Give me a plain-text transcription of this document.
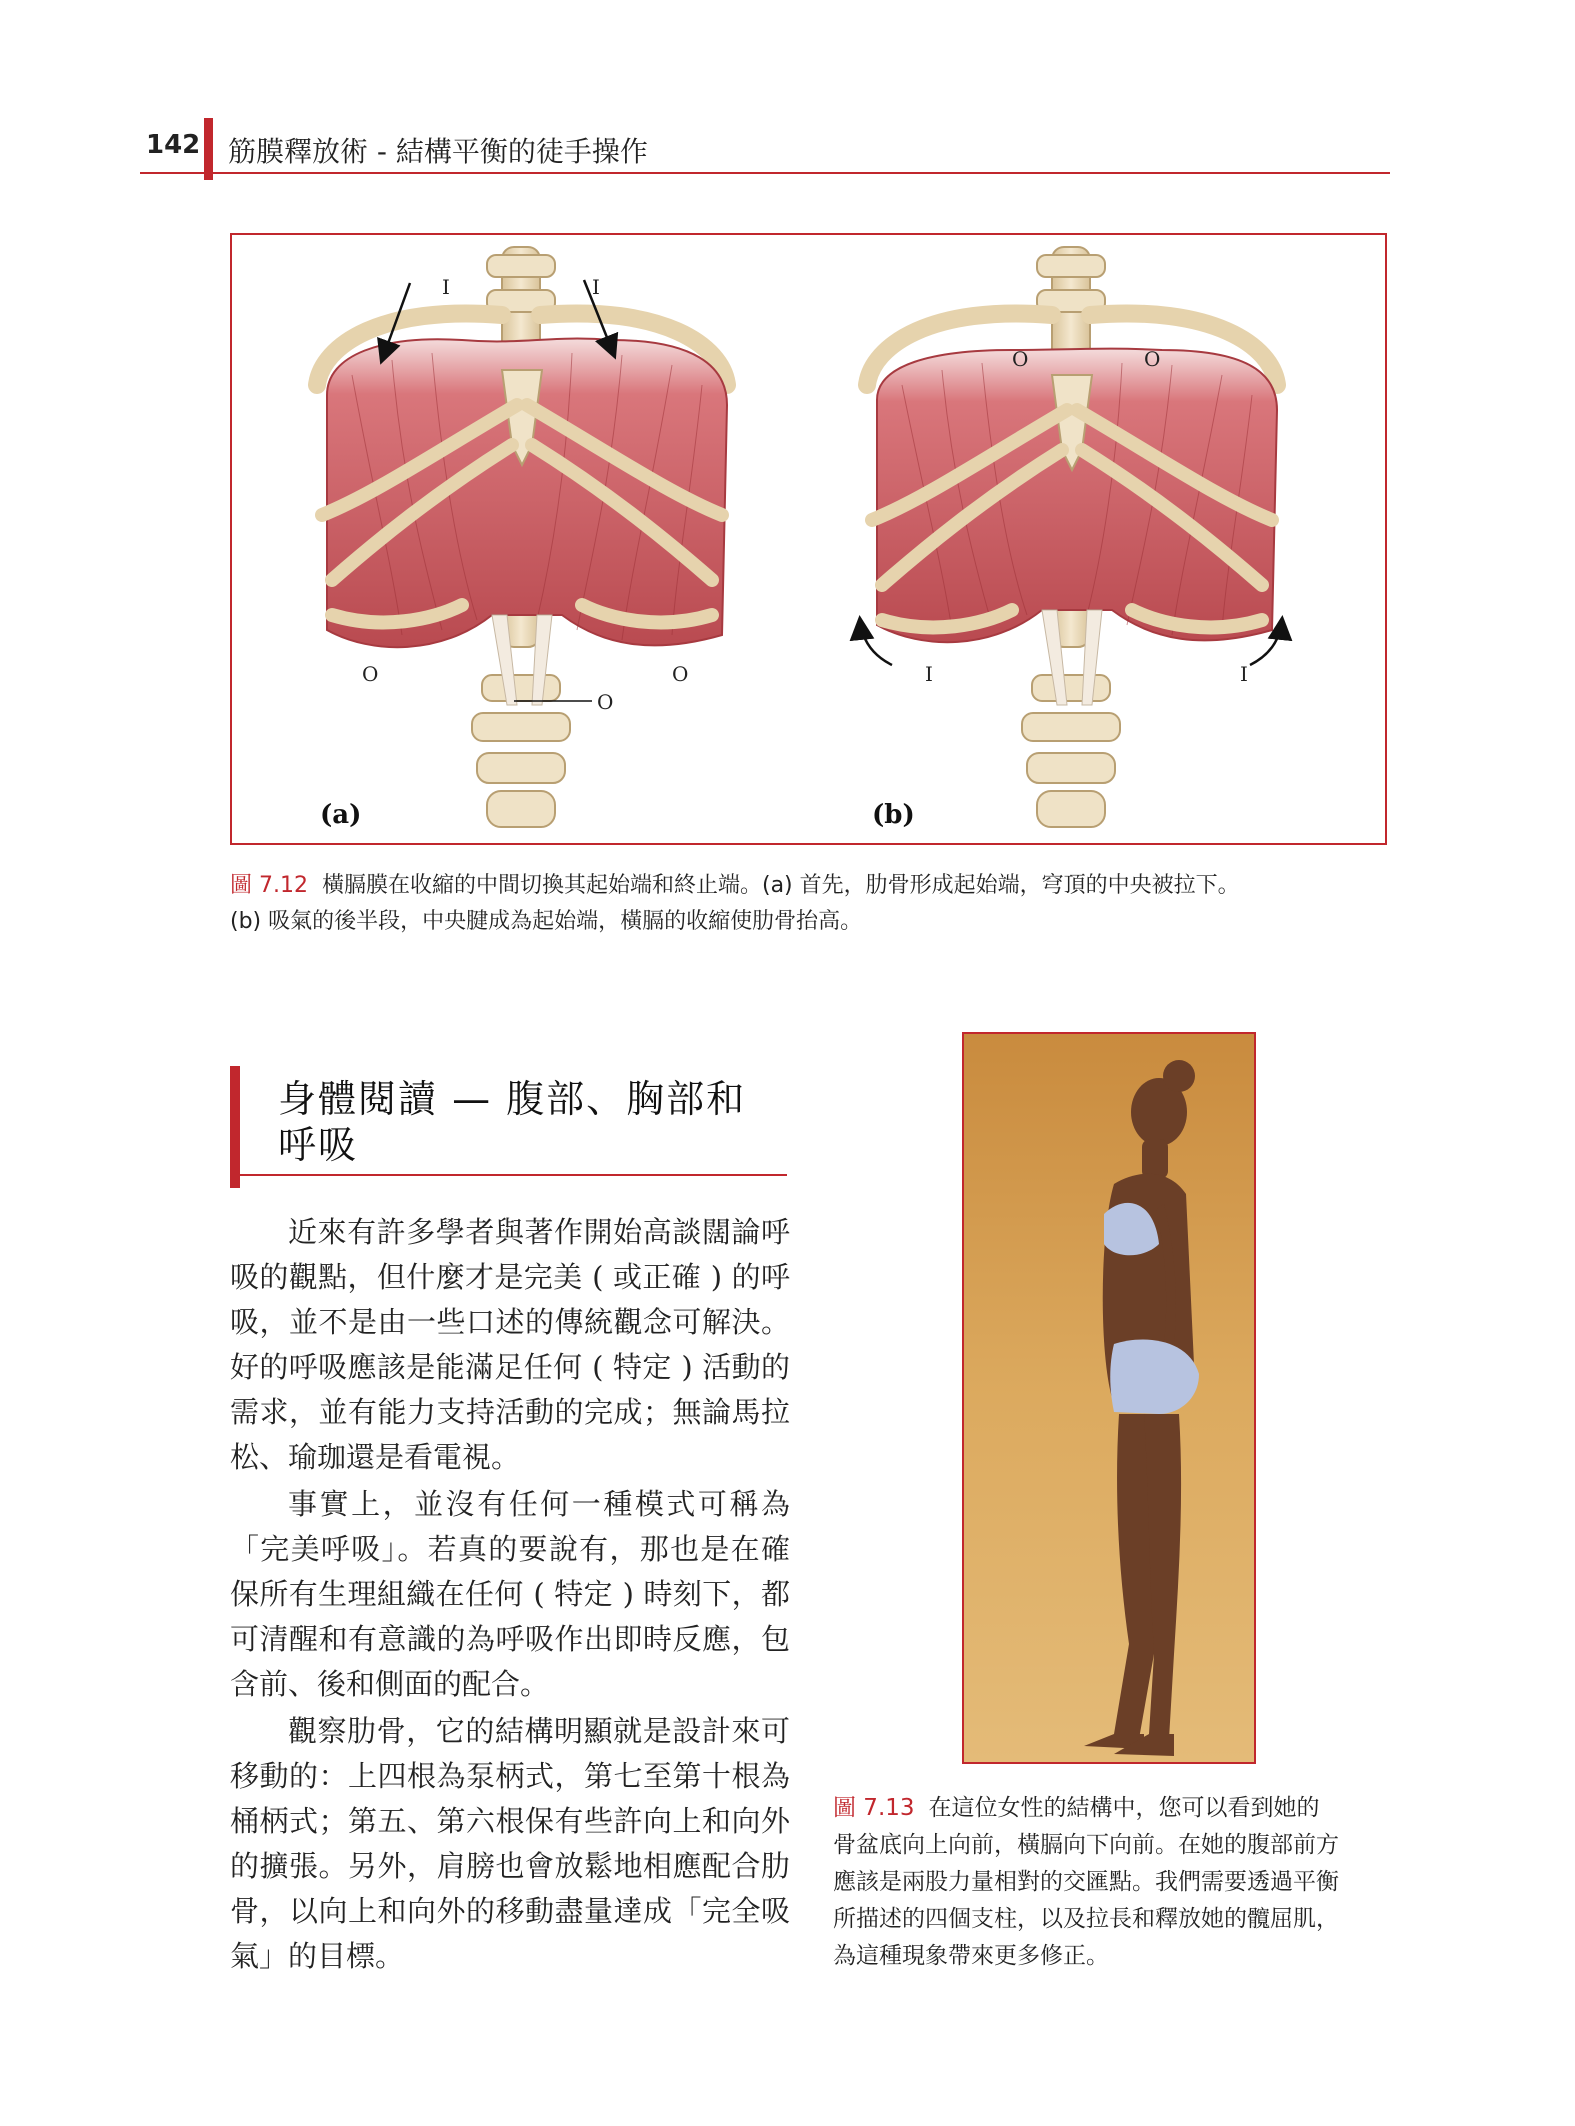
142 筋膜釋放術 - 結構平衡的徒手操作
(a)	(b)
I	I
O	O
O
O	O
I	I
圖 7.12 橫膈膜在收縮的中間切換其起始端和終止端。(a) 首先，肋骨形成起始端，穹頂的中央被拉下。
(b) 吸氣的後半段，中央腱成為起始端，橫膈的收縮使肋骨抬高。
身體閱讀 — 腹部、胸部和呼吸

近來有許多學者與著作開始高談闊論呼吸的觀點，但什麼才是完美 ( 或正確 ) 的呼吸，並不是由一些口述的傳統觀念可解決。好的呼吸應該是能滿足任何 ( 特定 ) 活動的需求，並有能力支持活動的完成；無論馬拉松、瑜珈還是看電視。

事實上，並沒有任何一種模式可稱為「完美呼吸」。若真的要說有，那也是在確保所有生理組織在任何 ( 特定 ) 時刻下，都可清醒和有意識的為呼吸作出即時反應，包含前、後和側面的配合。

觀察肋骨，它的結構明顯就是設計來可移動的：上四根為泵柄式，第七至第十根為桶柄式；第五、第六根保有些許向上和向外的擴張。另外，肩膀也會放鬆地相應配合肋骨，以向上和向外的移動盡量達成「完全吸氣」的目標。

圖 7.13 在這位女性的結構中，您可以看到她的
骨盆底向上向前，橫膈向下向前。在她的腹部前方
應該是兩股力量相對的交匯點。我們需要透過平衡
所描述的四個支柱，以及拉長和釋放她的髖屈肌，
為這種現象帶來更多修正。
